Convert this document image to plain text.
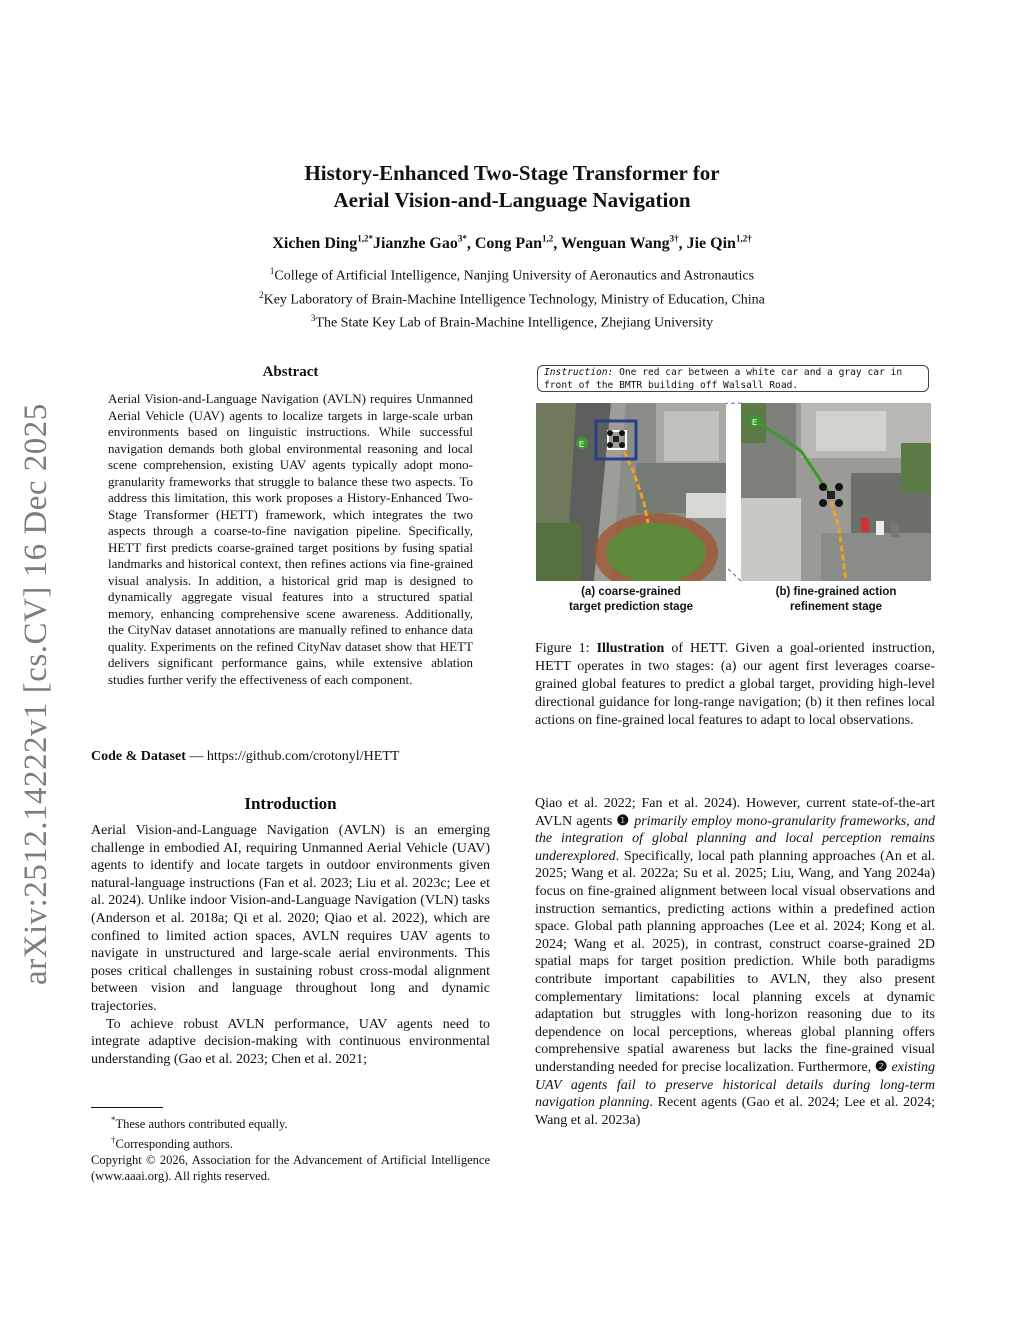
History-Enhanced Two-Stage Transformer for
Aerial Vision-and-Language Navigation
Xichen Ding$^{1,2*}$Jianzhe Gao$^{3*}$, Cong Pan$^{1,2}$, Wenguan Wang$^{3\dagger}$, Jie Qin$^{1,2\dagger}$
$^1$College of Artificial Intelligence, Nanjing University of Aeronautics and Astronautics
$^2$Key Laboratory of Brain-Machine Intelligence Technology, Ministry of Education, China
$^3$The State Key Lab of Brain-Machine Intelligence, Zhejiang University
arXiv:2512.14222v1 [cs.CV] 16 Dec 2025
Abstract
Aerial Vision-and-Language Navigation (AVLN) requires Unmanned Aerial Vehicle (UAV) agents to localize targets in large-scale urban environments based on linguistic instructions. While successful navigation demands both global environmental reasoning and local scene comprehension, existing UAV agents typically adopt mono-granularity frameworks that struggle to balance these two aspects. To address this limitation, this work proposes a History-Enhanced Two-Stage Transformer (HETT) framework, which integrates the two aspects through a coarse-to-fine navigation pipeline. Specifically, HETT first predicts coarse-grained target positions by fusing spatial landmarks and historical context, then refines actions via fine-grained visual analysis. In addition, a historical grid map is designed to dynamically aggregate visual features into a structured spatial memory, enhancing comprehensive scene awareness. Additionally, the CityNav dataset annotations are manually refined to enhance data quality. Experiments on the refined CityNav dataset show that HETT delivers significant performance gains, while extensive ablation studies further verify the effectiveness of each component.
Code & Dataset — https://github.com/crotonyl/HETT
Introduction

Aerial Vision-and-Language Navigation (AVLN) is an emerging challenge in embodied AI, requiring Unmanned Aerial Vehicle (UAV) agents to identify and locate targets in outdoor environments given natural-language instructions (Fan et al. 2023; Liu et al. 2023c; Lee et al. 2024). Unlike indoor Vision-and-Language Navigation (VLN) tasks (Anderson et al. 2018a; Qi et al. 2020; Qiao et al. 2022), which are confined to limited action spaces, AVLN requires UAV agents to navigate in unstructured and large-scale aerial environments. This poses critical challenges in sustaining robust cross-modal alignment between vision and language throughout long and dynamic trajectories.

To achieve robust AVLN performance, UAV agents need to integrate adaptive decision-making with continuous environmental understanding (Gao et al. 2023; Chen et al. 2021;

*These authors contributed equally.
†Corresponding authors.
Copyright © 2026, Association for the Advancement of Artificial Intelligence (www.aaai.org). All rights reserved.
Instruction: One red car between a white car and a gray car in front of the BMTR building off Walsall Road.
E
(a) coarse-grained
target prediction stage
E
(b) fine-grained action
refinement stage
Figure 1: Illustration of HETT. Given a goal-oriented instruction, HETT operates in two stages: (a) our agent first leverages coarse-grained global features to predict a global target, providing high-level directional guidance for long-range navigation; (b) it then refines local actions on fine-grained local features to adapt to local observations.

Qiao et al. 2022; Fan et al. 2024). However, current state-of-the-art AVLN agents ❶ primarily employ mono-granularity frameworks, and the integration of global planning and local perception remains underexplored. Specifically, local path planning approaches (An et al. 2025; Wang et al. 2022a; Su et al. 2025; Liu, Wang, and Yang 2024a) focus on fine-grained alignment between local visual observations and instruction semantics, predicting actions within a predefined action space. Global path planning approaches (Lee et al. 2024; Kong et al. 2024; Wang et al. 2025), in contrast, construct coarse-grained 2D spatial maps for target position prediction. While both paradigms contribute important capabilities to AVLN, they also present complementary limitations: local planning excels at dynamic adaptation but struggles with long-horizon reasoning due to its dependence on local perceptions, whereas global planning offers comprehensive spatial awareness but lacks the fine-grained visual understanding needed for precise localization. Furthermore, ❷ existing UAV agents fail to preserve historical details during long-term navigation planning. Recent agents (Gao et al. 2024; Lee et al. 2024; Wang et al. 2023a)
